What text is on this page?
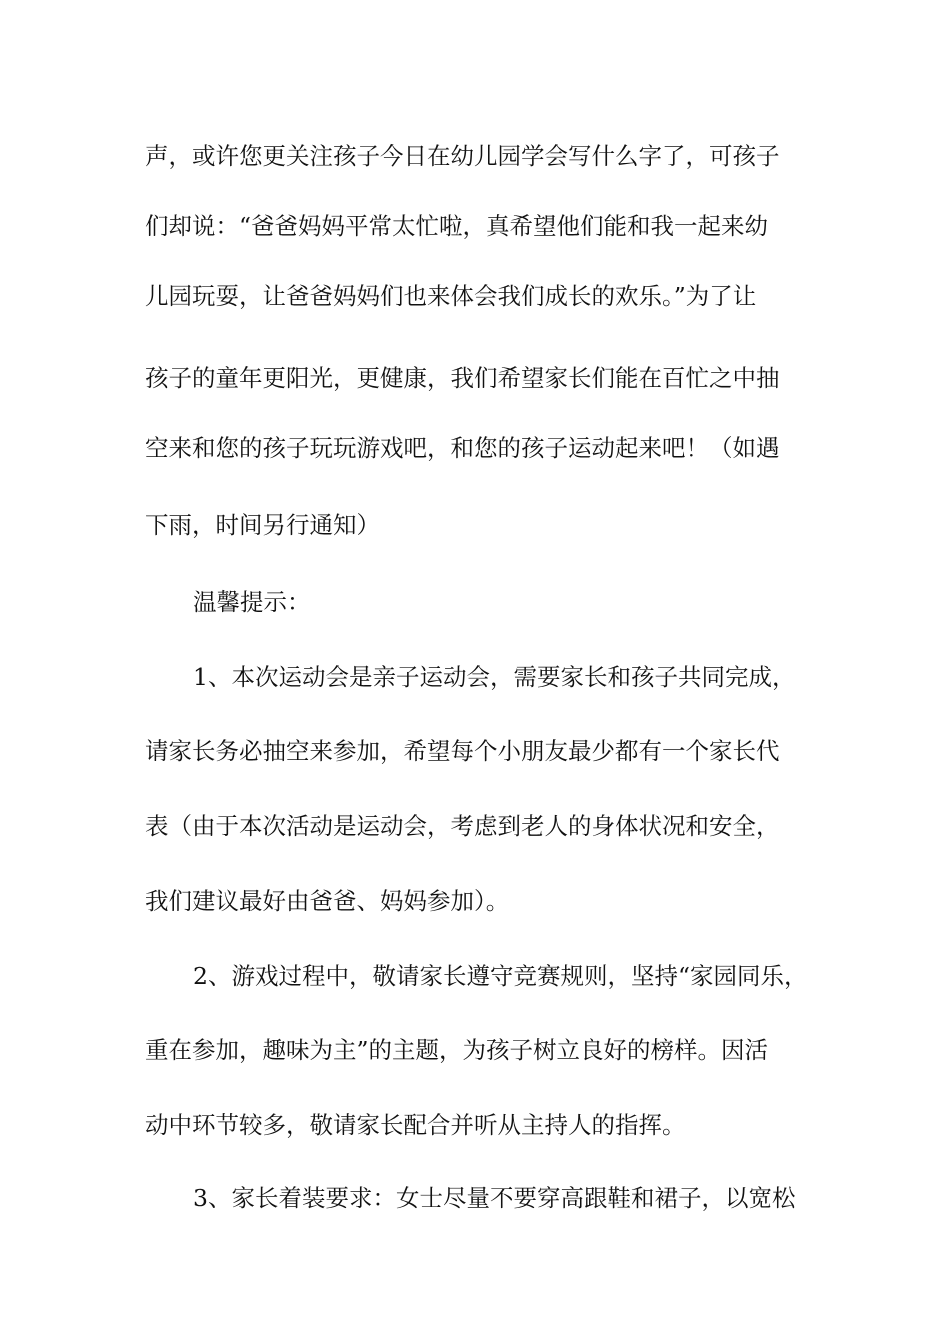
声，或许您更关注孩子今日在幼儿园学会写什么字了，可孩子
们却说：“爸爸妈妈平常太忙啦，真希望他们能和我一起来幼
儿园玩耍，让爸爸妈妈们也来体会我们成长的欢乐。”为了让
孩子的童年更阳光，更健康，我们希望家长们能在百忙之中抽
空来和您的孩子玩玩游戏吧，和您的孩子运动起来吧！（如遇
下雨，时间另行通知）
温馨提示：
1、本次运动会是亲子运动会，需要家长和孩子共同完成，
请家长务必抽空来参加，希望每个小朋友最少都有一个家长代
表（由于本次活动是运动会，考虑到老人的身体状况和安全，
我们建议最好由爸爸、妈妈参加）。
2、游戏过程中，敬请家长遵守竞赛规则，坚持“家园同乐，
重在参加，趣味为主”的主题，为孩子树立良好的榜样。因活
动中环节较多，敬请家长配合并听从主持人的指挥。
3、家长着装要求：女士尽量不要穿高跟鞋和裙子，以宽松
